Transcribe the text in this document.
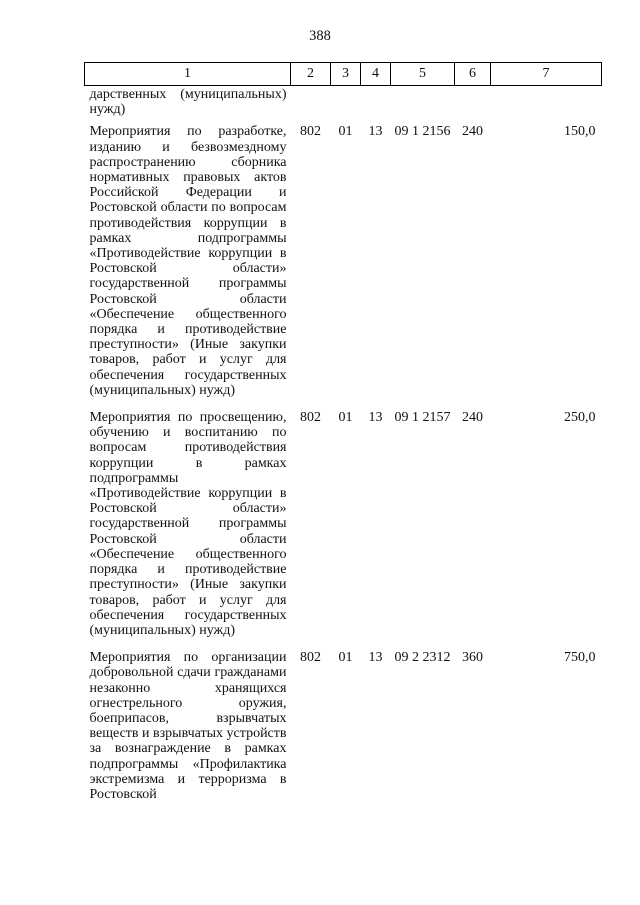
388
1	2	3	4	5	6	7
дарственных (муниципальных) нужд)						
Мероприятия по разработке, изданию и безвозмездному распространению сборника нормативных правовых актов Российской Федерации и Ростовской области по вопросам противодействия коррупции в рамках подпрограммы «Противодействие коррупции в Ростовской области» государственной программы Ростовской области «Обеспечение общественного порядка и противодействие преступности» (Иные закупки товаров, работ и услуг для обеспечения государственных (муниципальных) нужд)	802	01	13	09 1 2156	240	150,0
Мероприятия по просвещению, обучению и воспитанию по вопросам противодействия коррупции в рамках подпрограммы «Противодействие коррупции в Ростовской области» государственной программы Ростовской области «Обеспечение общественного порядка и противодействие преступности» (Иные закупки товаров, работ и услуг для обеспечения государственных (муниципальных) нужд)	802	01	13	09 1 2157	240	250,0
Мероприятия по организации добровольной сдачи гражданами незаконно хранящихся огнестрельного оружия, боеприпасов, взрывчатых веществ и взрывчатых устройств за вознаграждение в рамках подпрограммы «Профилактика экстремизма и терроризма в Ростовской	802	01	13	09 2 2312	360	750,0
